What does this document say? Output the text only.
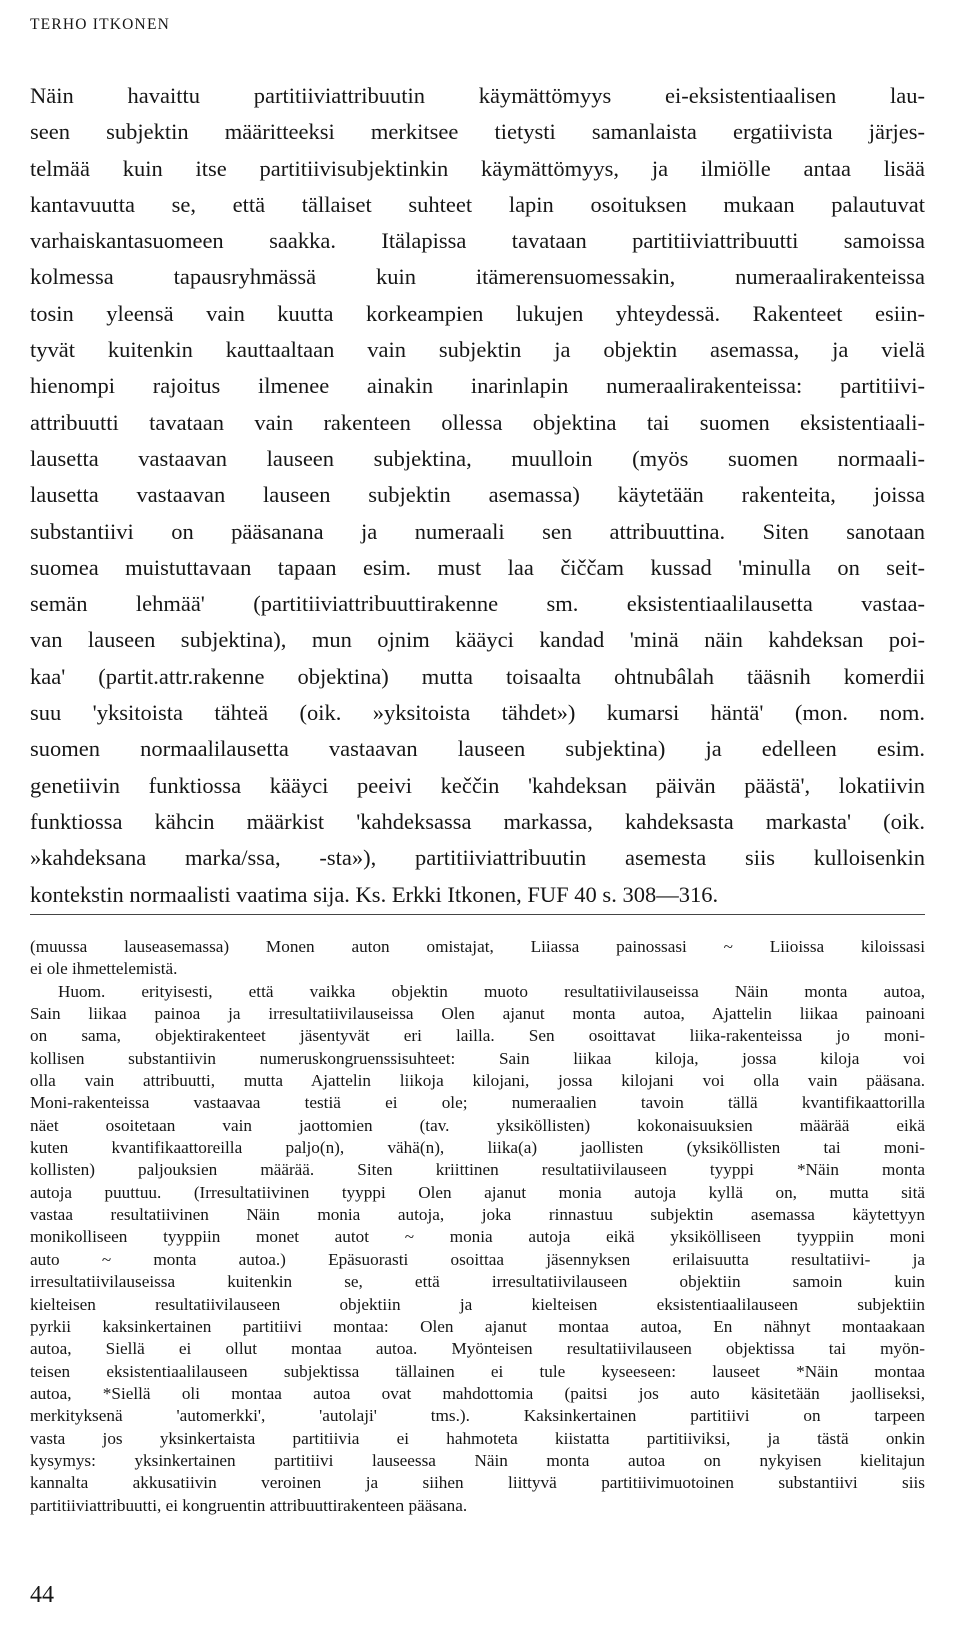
TERHO ITKONEN
Näin havaittu partitiiviattribuutin käymättömyys ei-eksistentiaalisen lau-
seen subjektin määritteeksi merkitsee tietysti samanlaista ergatiivista järjes-
telmää kuin itse partitiivisubjektinkin käymättömyys, ja ilmiölle antaa lisää
kantavuutta se, että tällaiset suhteet lapin osoituksen mukaan palautuvat
varhaiskantasuomeen saakka. Itälapissa tavataan partitiiviattribuutti samoissa
kolmessa tapausryhmässä kuin itämerensuomessakin, numeraalirakenteissa
tosin yleensä vain kuutta korkeampien lukujen yhteydessä. Rakenteet esiin-
tyvät kuitenkin kauttaaltaan vain subjektin ja objektin asemassa, ja vielä
hienompi rajoitus ilmenee ainakin inarinlapin numeraalirakenteissa: partitiivi-
attribuutti tavataan vain rakenteen ollessa objektina tai suomen eksistentiaali-
lausetta vastaavan lauseen subjektina, muulloin (myös suomen normaali-
lausetta vastaavan lauseen subjektin asemassa) käytetään rakenteita, joissa
substantiivi on pääsanana ja numeraali sen attribuuttina. Siten sanotaan
suomea muistuttavaan tapaan esim. must laa čiččam kussad 'minulla on seit-
semän lehmää' (partitiiviattribuuttirakenne sm. eksistentiaalilausetta vastaa-
van lauseen subjektina), mun ojnim kääyci kandad 'minä näin kahdeksan poi-
kaa' (partit.attr.rakenne objektina) mutta toisaalta ohtnubâlah tääsnih komerdii
suu 'yksitoista tähteä (oik. »yksitoista tähdet») kumarsi häntä' (mon. nom.
suomen normaalilausetta vastaavan lauseen subjektina) ja edelleen esim.
genetiivin funktiossa kääyci peeivi keččin 'kahdeksan päivän päästä', lokatiivin
funktiossa kähcin määrkist 'kahdeksassa markassa, kahdeksasta markasta' (oik.
»kahdeksana marka/ssa, -sta»), partitiiviattribuutin asemesta siis kulloisenkin
kontekstin normaalisti vaatima sija. Ks. Erkki Itkonen, FUF 40 s. 308—316.
(muussa lauseasemassa) Monen auton omistajat, Liiassa painossasi ~ Liioissa kiloissasi
ei ole ihmettelemistä.
Huom. erityisesti, että vaikka objektin muoto resultatiivilauseissa Näin monta autoa,
Sain liikaa painoa ja irresultatiivilauseissa Olen ajanut monta autoa, Ajattelin liikaa painoani
on sama, objektirakenteet jäsentyvät eri lailla. Sen osoittavat liika-rakenteissa jo moni-
kollisen substantiivin numeruskongruenssisuhteet: Sain liikaa kiloja, jossa kiloja voi
olla vain attribuutti, mutta Ajattelin liikoja kilojani, jossa kilojani voi olla vain pääsana.
Moni-rakenteissa vastaavaa testiä ei ole; numeraalien tavoin tällä kvantifikaattorilla
näet osoitetaan vain jaottomien (tav. yksiköllisten) kokonaisuuksien määrää eikä
kuten kvantifikaattoreilla paljo(n), vähä(n), liika(a) jaollisten (yksiköllisten tai moni-
kollisten) paljouksien määrää. Siten kriittinen resultatiivilauseen tyyppi *Näin monta
autoja puuttuu. (Irresultatiivinen tyyppi Olen ajanut monia autoja kyllä on, mutta sitä
vastaa resultatiivinen Näin monia autoja, joka rinnastuu subjektin asemassa käytettyyn
monikolliseen tyyppiin monet autot ~ monia autoja eikä yksikölliseen tyyppiin moni
auto ~ monta autoa.) Epäsuorasti osoittaa jäsennyksen erilaisuutta resultatiivi- ja
irresultatiivilauseissa kuitenkin se, että irresultatiivilauseen objektiin samoin kuin
kielteisen resultatiivilauseen objektiin ja kielteisen eksistentiaalilauseen subjektiin
pyrkii kaksinkertainen partitiivi montaa: Olen ajanut montaa autoa, En nähnyt montaakaan
autoa, Siellä ei ollut montaa autoa. Myönteisen resultatiivilauseen objektissa tai myön-
teisen eksistentiaalilauseen subjektissa tällainen ei tule kyseeseen: lauseet *Näin montaa
autoa, *Siellä oli montaa autoa ovat mahdottomia (paitsi jos auto käsitetään jaolliseksi,
merkityksenä 'automerkki', 'autolaji' tms.). Kaksinkertainen partitiivi on tarpeen
vasta jos yksinkertaista partitiivia ei hahmoteta kiistatta partitiiviksi, ja tästä onkin
kysymys: yksinkertainen partitiivi lauseessa Näin monta autoa on nykyisen kielitajun
kannalta akkusatiivin veroinen ja siihen liittyvä partitiivimuotoinen substantiivi siis
partitiiviattribuutti, ei kongruentin attribuuttirakenteen pääsana.
44
